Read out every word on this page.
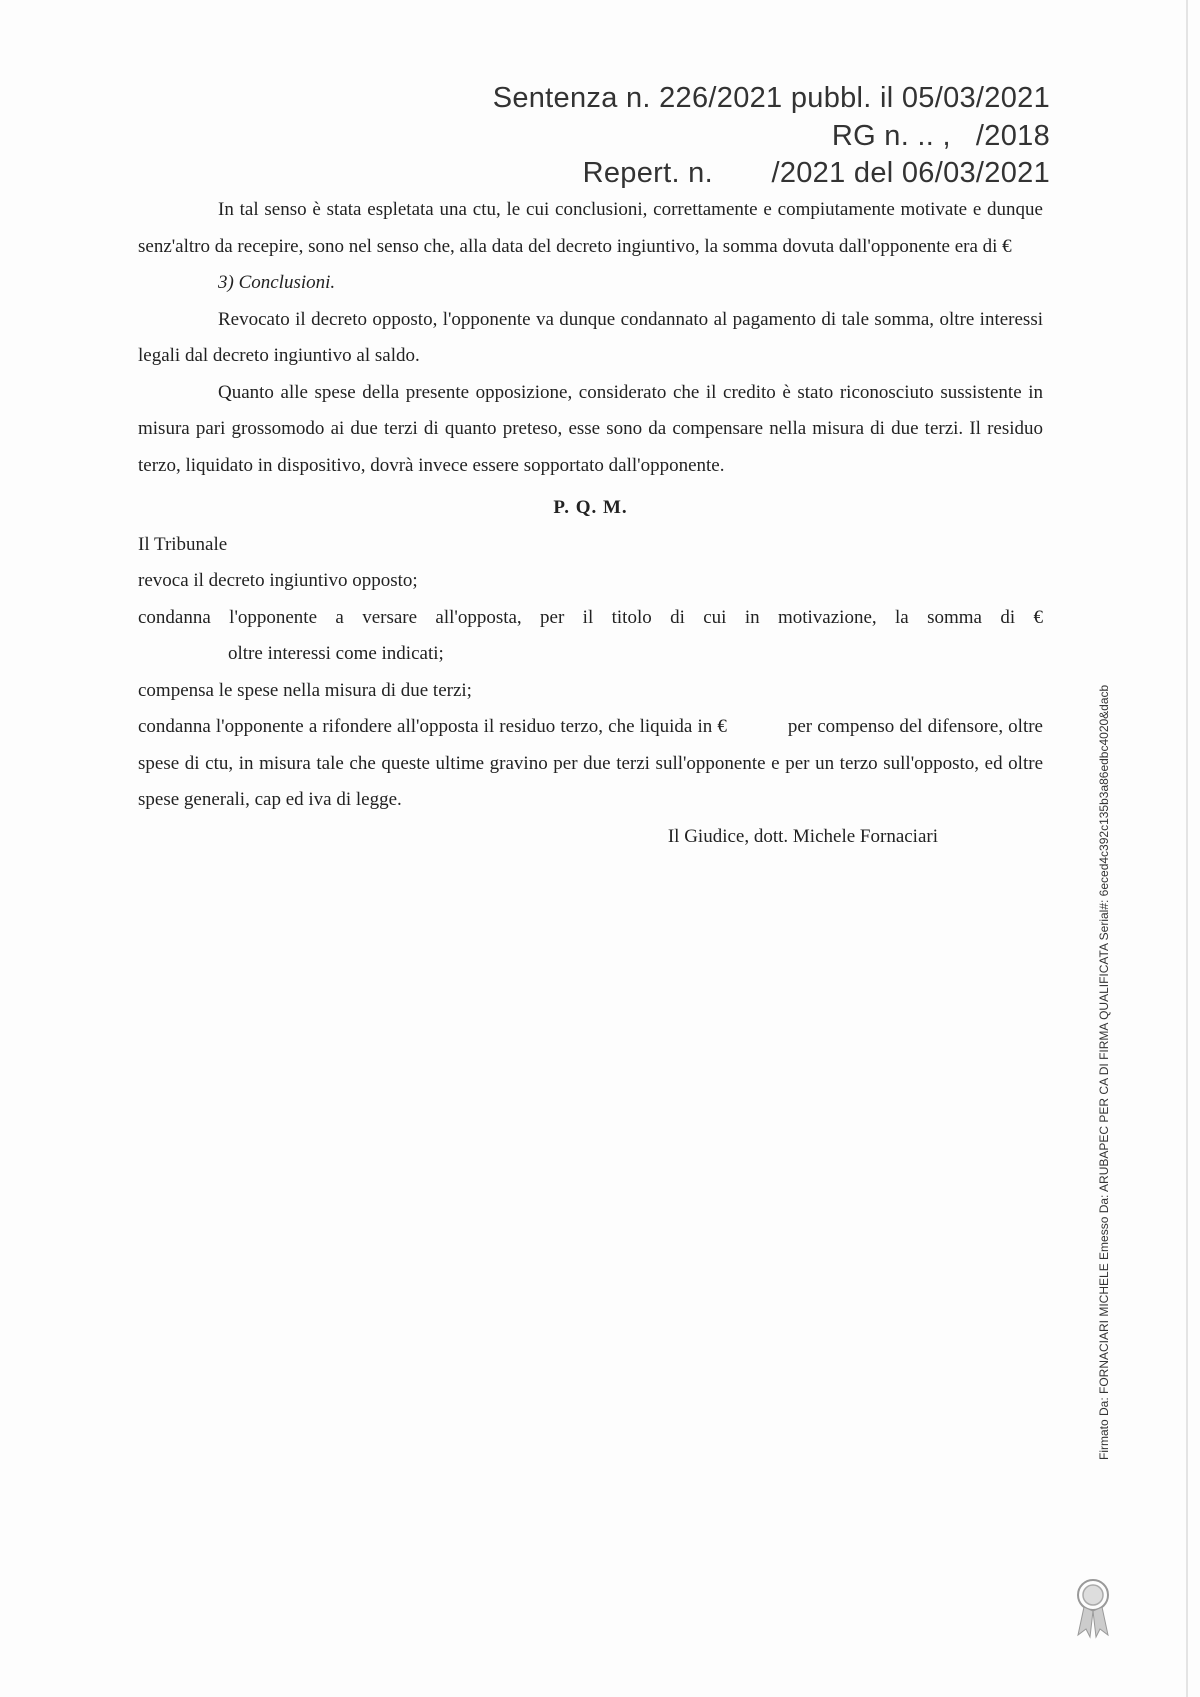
Sentenza n. 226/2021 pubbl. il 05/03/2021
RG n. .. ,   /2018
Repert. n.       /2021 del 06/03/2021

In tal senso è stata espletata una ctu, le cui conclusioni, correttamente e compiutamente motivate e dunque senz'altro da recepire, sono nel senso che, alla data del decreto ingiuntivo, la somma dovuta dall'opponente era di €

3) Conclusioni.

Revocato il decreto opposto, l'opponente va dunque condannato al pagamento di tale somma, oltre interessi legali dal decreto ingiuntivo al saldo.

Quanto alle spese della presente opposizione, considerato che il credito è stato riconosciuto sussistente in misura pari grossomodo ai due terzi di quanto preteso, esse sono da compensare nella misura di due terzi. Il residuo terzo, liquidato in dispositivo, dovrà invece essere sopportato dall'opponente.

P. Q. M.

Il Tribunale

revoca il decreto ingiuntivo opposto;

condanna l'opponente a versare all'opposta, per il titolo di cui in motivazione, la somma di €

oltre interessi come indicati;

compensa le spese nella misura di due terzi;

condanna l'opponente a rifondere all'opposta il residuo terzo, che liquida in €            per compenso del difensore, oltre spese di ctu, in misura tale che queste ultime gravino per due terzi sull'opponente e per un terzo sull'opposto, ed oltre spese generali, cap ed iva di legge.

Il Giudice, dott. Michele Fornaciari	Firmato Da: FORNACIARI MICHELE Emesso Da: ARUBAPEC PER CA DI FIRMA QUALIFICATA Serial#: 6eced4c392c135b3a86edbc4020&dacb
